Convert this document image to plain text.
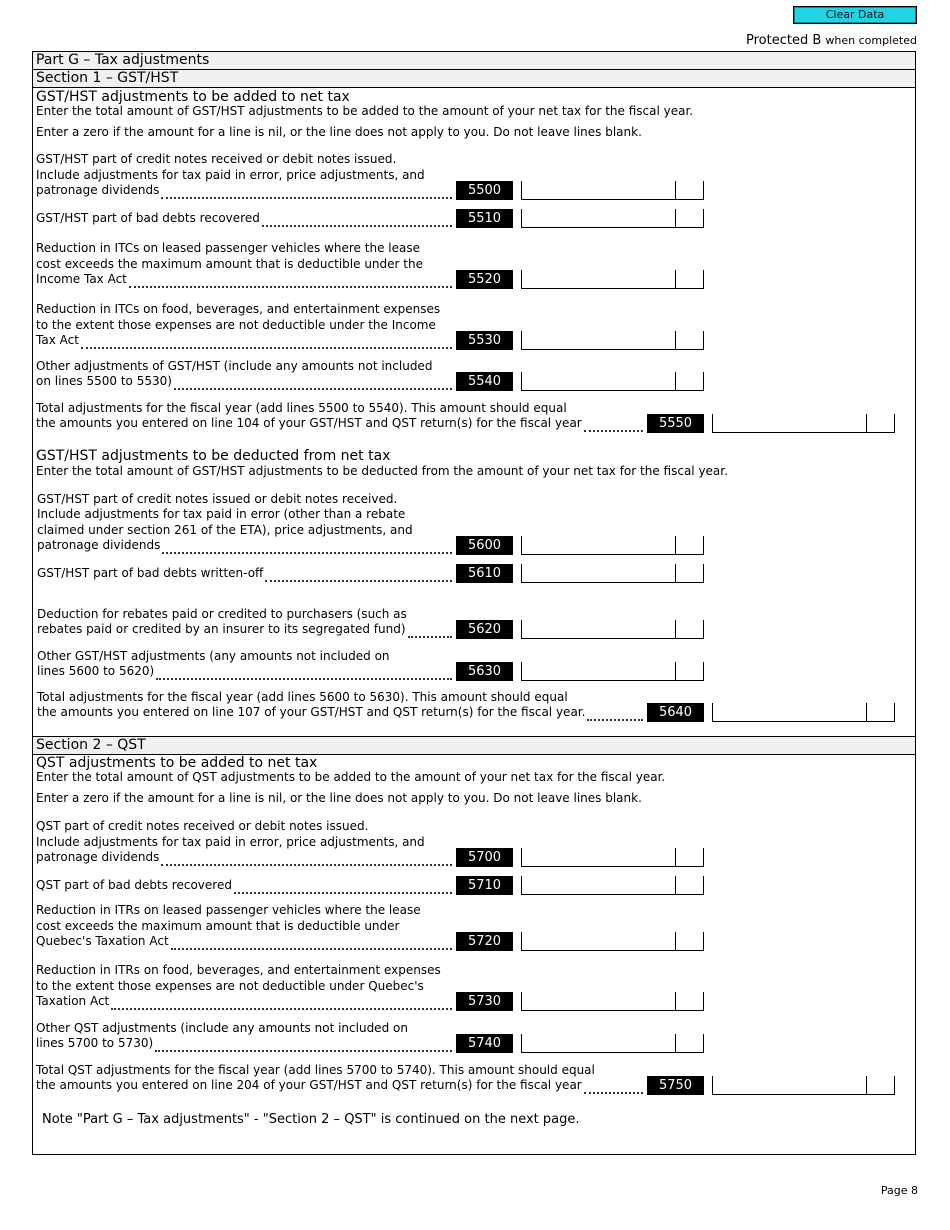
Clear Data
Protected B when completed
Part G – Tax adjustments
Section 1 – GST/HST
GST/HST adjustments to be added to net tax
Enter the total amount of GST/HST adjustments to be added to the amount of your net tax for the fiscal year.
Enter a zero if the amount for a line is nil, or the line does not apply to you. Do not leave lines blank.
GST/HST adjustments to be deducted from net tax
Enter the total amount of GST/HST adjustments to be deducted from the amount of your net tax for the fiscal year.
Section 2 – QST
QST adjustments to be added to net tax
Enter the total amount of QST adjustments to be added to the amount of your net tax for the fiscal year.
Enter a zero if the amount for a line is nil, or the line does not apply to you. Do not leave lines blank.
Note "Part G – Tax adjustments" - "Section 2 – QST" is continued on the next page.
Page 8
GST/HST part of credit notes received or debit notes issued.
Include adjustments for tax paid in error, price adjustments, and
patronage dividends	5500
GST/HST part of bad debts recovered	5510
Reduction in ITCs on leased passenger vehicles where the lease
cost exceeds the maximum amount that is deductible under the
Income Tax Act	5520
Reduction in ITCs on food, beverages, and entertainment expenses
to the extent those expenses are not deductible under the Income
Tax Act	5530
Other adjustments of GST/HST (include any amounts not included
on lines 5500 to 5530)	5540
Total adjustments for the fiscal year (add lines 5500 to 5540). This amount should equal
the amounts you entered on line 104 of your GST/HST and QST return(s) for the fiscal year	5550
GST/HST part of credit notes issued or debit notes received.
Include adjustments for tax paid in error (other than a rebate
claimed under section 261 of the ETA), price adjustments, and
patronage dividends	5600
GST/HST part of bad debts written-off	5610
Deduction for rebates paid or credited to purchasers (such as
rebates paid or credited by an insurer to its segregated fund)	5620
Other GST/HST adjustments (any amounts not included on
lines 5600 to 5620)	5630
Total adjustments for the fiscal year (add lines 5600 to 5630). This amount should equal
the amounts you entered on line 107 of your GST/HST and QST return(s) for the fiscal year.	5640
QST part of credit notes received or debit notes issued.
Include adjustments for tax paid in error, price adjustments, and
patronage dividends	5700
QST part of bad debts recovered	5710
Reduction in ITRs on leased passenger vehicles where the lease
cost exceeds the maximum amount that is deductible under
Quebec's Taxation Act	5720
Reduction in ITRs on food, beverages, and entertainment expenses
to the extent those expenses are not deductible under Quebec's
Taxation Act	5730
Other QST adjustments (include any amounts not included on
lines 5700 to 5730)	5740
Total QST adjustments for the fiscal year (add lines 5700 to 5740). This amount should equal
the amounts you entered on line 204 of your GST/HST and QST return(s) for the fiscal year	5750
